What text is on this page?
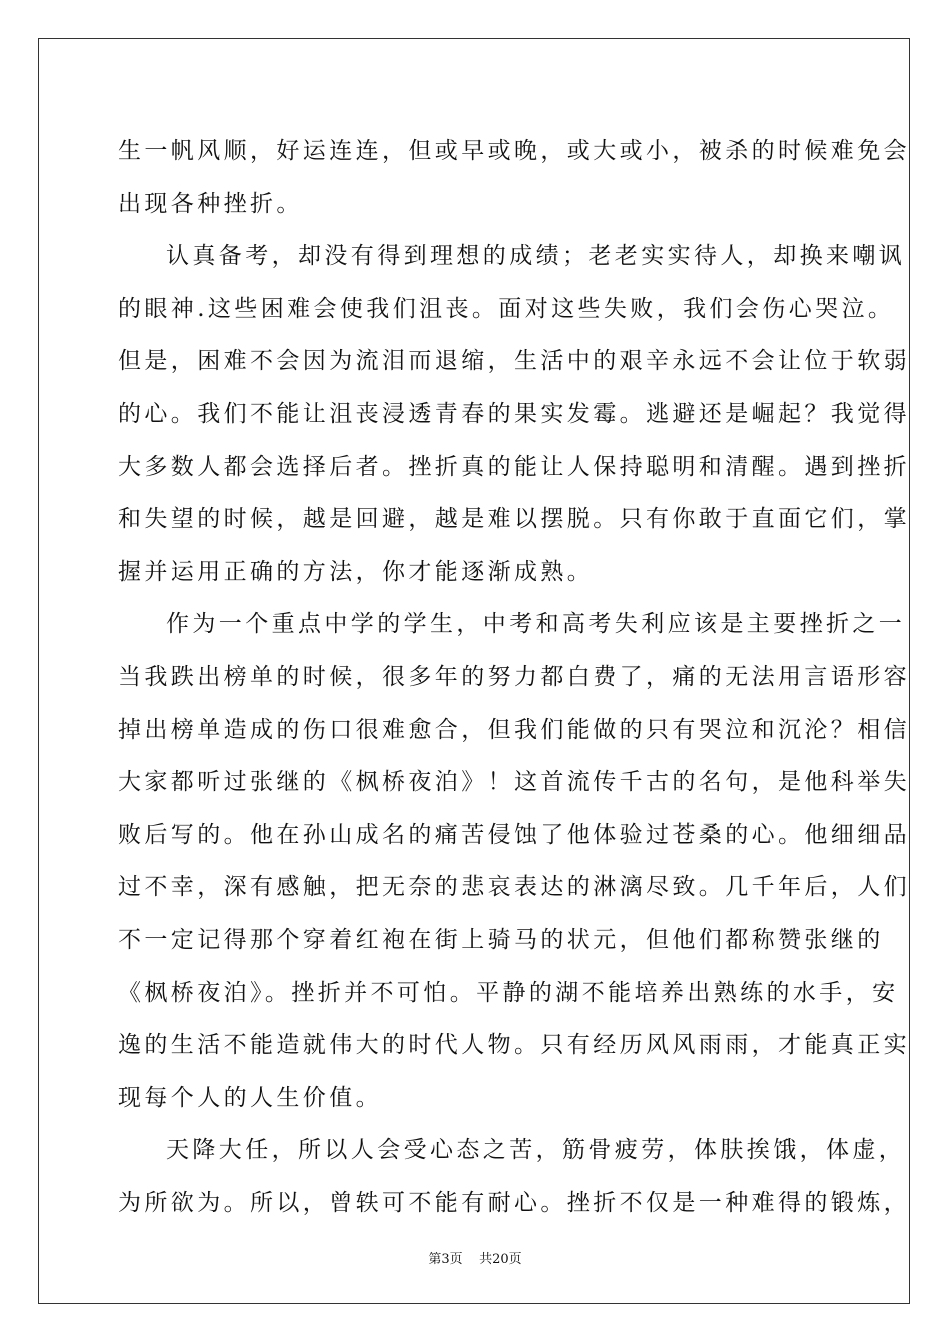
生一帆风顺，好运连连，但或早或晚，或大或小，被杀的时候难免会
出现各种挫折。
认真备考，却没有得到理想的成绩；老老实实待人，却换来嘲讽
的眼神.这些困难会使我们沮丧。面对这些失败，我们会伤心哭泣。
但是，困难不会因为流泪而退缩，生活中的艰辛永远不会让位于软弱
的心。我们不能让沮丧浸透青春的果实发霉。逃避还是崛起？我觉得
大多数人都会选择后者。挫折真的能让人保持聪明和清醒。遇到挫折
和失望的时候，越是回避，越是难以摆脱。只有你敢于直面它们，掌
握并运用正确的方法，你才能逐渐成熟。
作为一个重点中学的学生，中考和高考失利应该是主要挫折之一
当我跌出榜单的时候，很多年的努力都白费了，痛的无法用言语形容
掉出榜单造成的伤口很难愈合，但我们能做的只有哭泣和沉沦？相信
大家都听过张继的《枫桥夜泊》！这首流传千古的名句，是他科举失
败后写的。他在孙山成名的痛苦侵蚀了他体验过苍桑的心。他细细品
过不幸，深有感触，把无奈的悲哀表达的淋漓尽致。几千年后，人们
不一定记得那个穿着红袍在街上骑马的状元，但他们都称赞张继的
《枫桥夜泊》。挫折并不可怕。平静的湖不能培养出熟练的水手，安
逸的生活不能造就伟大的时代人物。只有经历风风雨雨，才能真正实
现每个人的人生价值。
天降大任，所以人会受心态之苦，筋骨疲劳，体肤挨饿，体虚，
为所欲为。所以，曾轶可不能有耐心。挫折不仅是一种难得的锻炼，
第3页 共20页
